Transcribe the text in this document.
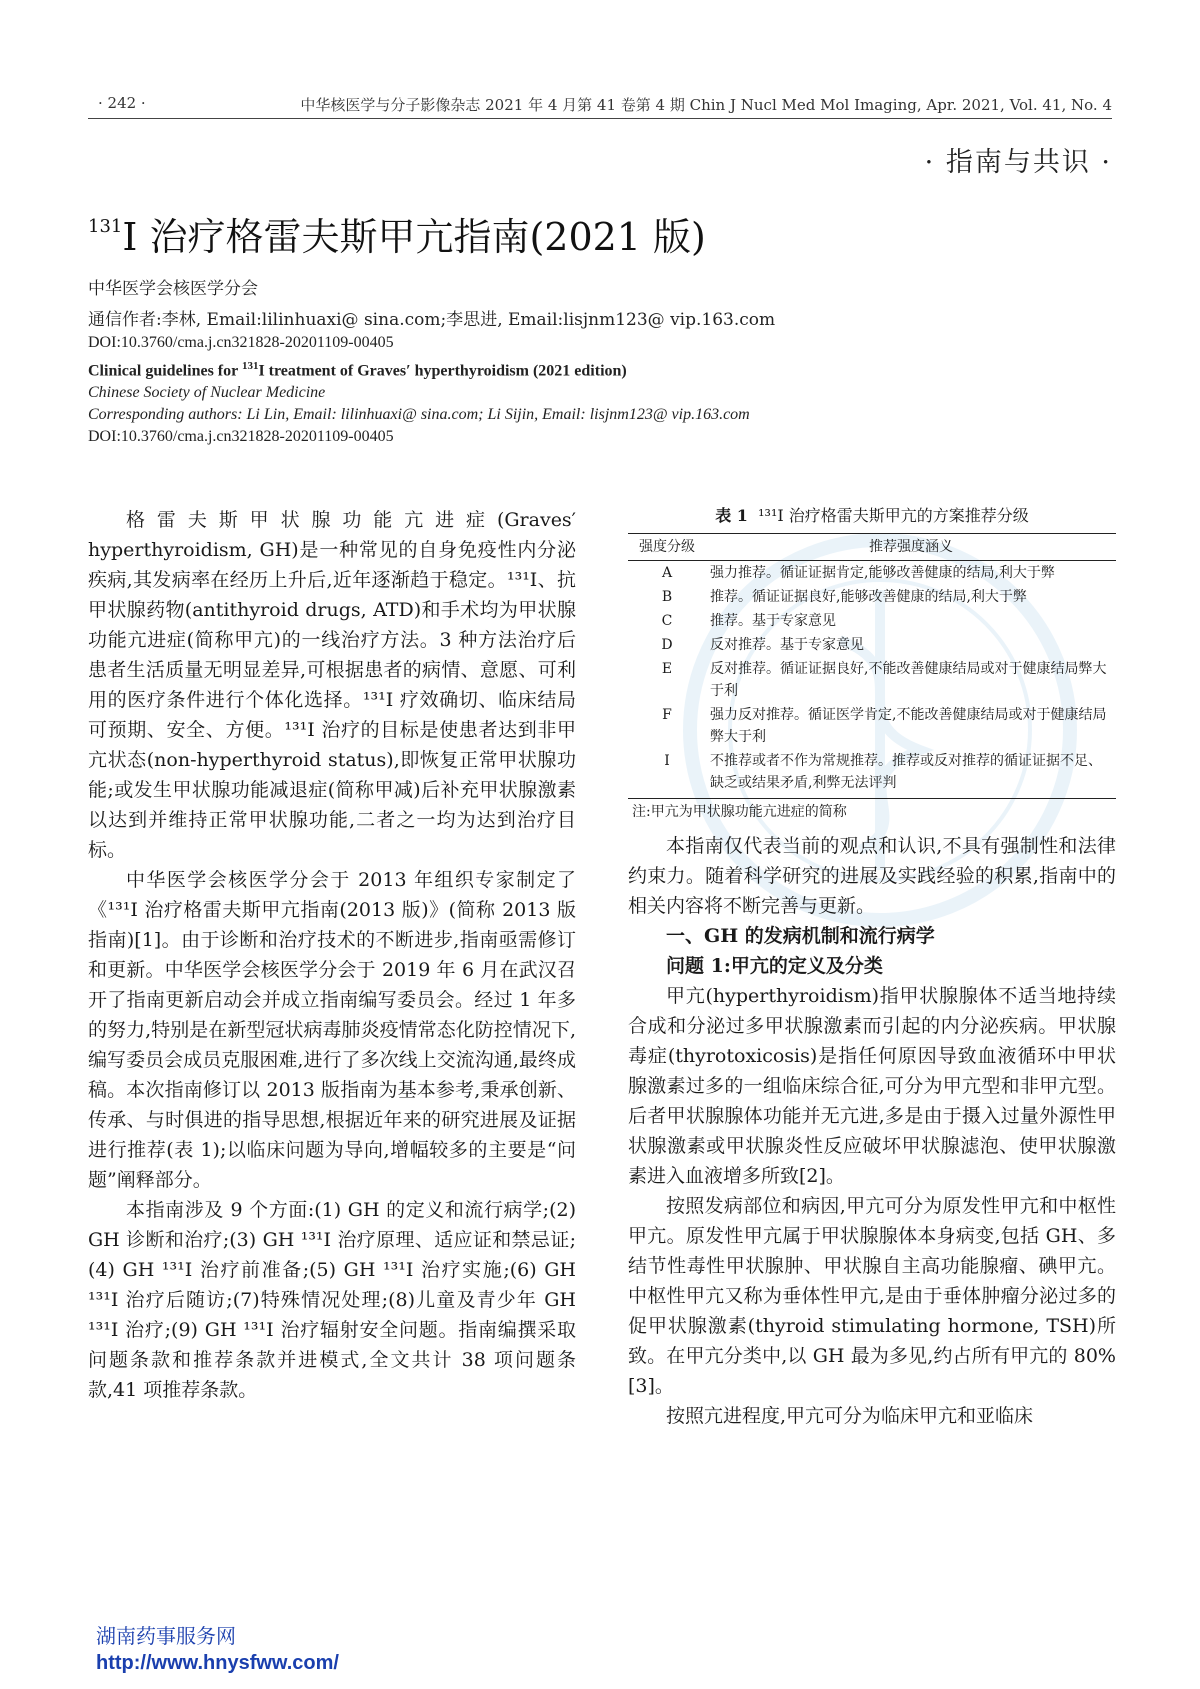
· 242 ·	中华核医学与分子影像杂志 2021 年 4 月第 41 卷第 4 期 Chin J Nucl Med Mol Imaging, Apr. 2021, Vol. 41, No. 4
· 指南与共识 ·
$^{131}$I 治疗格雷夫斯甲亢指南(2021 版)
中华医学会核医学分会
通信作者:李林, Email:lilinhuaxi@ sina.com;李思进, Email:lisjnm123@ vip.163.com
DOI:10.3760/cma.j.cn321828-20201109-00405
Clinical guidelines for $^{131}$I treatment of Graves′ hyperthyroidism (2021 edition)
Chinese Society of Nuclear Medicine
Corresponding authors: Li Lin, Email: lilinhuaxi@ sina.com; Li Sijin, Email: lisjnm123@ vip.163.com
DOI:10.3760/cma.j.cn321828-20201109-00405

格雷夫斯甲状腺功能亢进症(Graves′ hyperthyroidism, GH)是一种常见的自身免疫性内分泌疾病,其发病率在经历上升后,近年逐渐趋于稳定。¹³¹I、抗甲状腺药物(antithyroid drugs, ATD)和手术均为甲状腺功能亢进症(简称甲亢)的一线治疗方法。3 种方法治疗后患者生活质量无明显差异,可根据患者的病情、意愿、可利用的医疗条件进行个体化选择。¹³¹I 疗效确切、临床结局可预期、安全、方便。¹³¹I 治疗的目标是使患者达到非甲亢状态(non-hyperthyroid status),即恢复正常甲状腺功能;或发生甲状腺功能减退症(简称甲减)后补充甲状腺激素以达到并维持正常甲状腺功能,二者之一均为达到治疗目标。

中华医学会核医学分会于 2013 年组织专家制定了《¹³¹I 治疗格雷夫斯甲亢指南(2013 版)》(简称 2013 版指南)[1]。由于诊断和治疗技术的不断进步,指南亟需修订和更新。中华医学会核医学分会于 2019 年 6 月在武汉召开了指南更新启动会并成立指南编写委员会。经过 1 年多的努力,特别是在新型冠状病毒肺炎疫情常态化防控情况下,编写委员会成员克服困难,进行了多次线上交流沟通,最终成稿。本次指南修订以 2013 版指南为基本参考,秉承创新、传承、与时俱进的指导思想,根据近年来的研究进展及证据进行推荐(表 1);以临床问题为导向,增幅较多的主要是“问题”阐释部分。

本指南涉及 9 个方面:(1) GH 的定义和流行病学;(2) GH 诊断和治疗;(3) GH ¹³¹I 治疗原理、适应证和禁忌证;(4) GH ¹³¹I 治疗前准备;(5) GH ¹³¹I 治疗实施;(6) GH ¹³¹I 治疗后随访;(7)特殊情况处理;(8)儿童及青少年 GH ¹³¹I 治疗;(9) GH ¹³¹I 治疗辐射安全问题。指南编撰采取问题条款和推荐条款并进模式,全文共计 38 项问题条款,41 项推荐条款。

表 1 ¹³¹I 治疗格雷夫斯甲亢的方案推荐分级
强度分级	推荐强度涵义
A	强力推荐。循证证据肯定,能够改善健康的结局,利大于弊
B	推荐。循证证据良好,能够改善健康的结局,利大于弊
C	推荐。基于专家意见
D	反对推荐。基于专家意见
E	反对推荐。循证证据良好,不能改善健康结局或对于健康结局弊大于利
F	强力反对推荐。循证医学肯定,不能改善健康结局或对于健康结局弊大于利
I	不推荐或者不作为常规推荐。推荐或反对推荐的循证证据不足、缺乏或结果矛盾,利弊无法评判
注:甲亢为甲状腺功能亢进症的简称

本指南仅代表当前的观点和认识,不具有强制性和法律约束力。随着科学研究的进展及实践经验的积累,指南中的相关内容将不断完善与更新。

一、GH 的发病机制和流行病学

问题 1:甲亢的定义及分类

甲亢(hyperthyroidism)指甲状腺腺体不适当地持续合成和分泌过多甲状腺激素而引起的内分泌疾病。甲状腺毒症(thyrotoxicosis)是指任何原因导致血液循环中甲状腺激素过多的一组临床综合征,可分为甲亢型和非甲亢型。后者甲状腺腺体功能并无亢进,多是由于摄入过量外源性甲状腺激素或甲状腺炎性反应破坏甲状腺滤泡、使甲状腺激素进入血液增多所致[2]。

按照发病部位和病因,甲亢可分为原发性甲亢和中枢性甲亢。原发性甲亢属于甲状腺腺体本身病变,包括 GH、多结节性毒性甲状腺肿、甲状腺自主高功能腺瘤、碘甲亢。中枢性甲亢又称为垂体性甲亢,是由于垂体肿瘤分泌过多的促甲状腺激素(thyroid stimulating hormone, TSH)所致。在甲亢分类中,以 GH 最为多见,约占所有甲亢的 80%[3]。

按照亢进程度,甲亢可分为临床甲亢和亚临床

湖南药事服务网
http://www.hnysfww.com/
